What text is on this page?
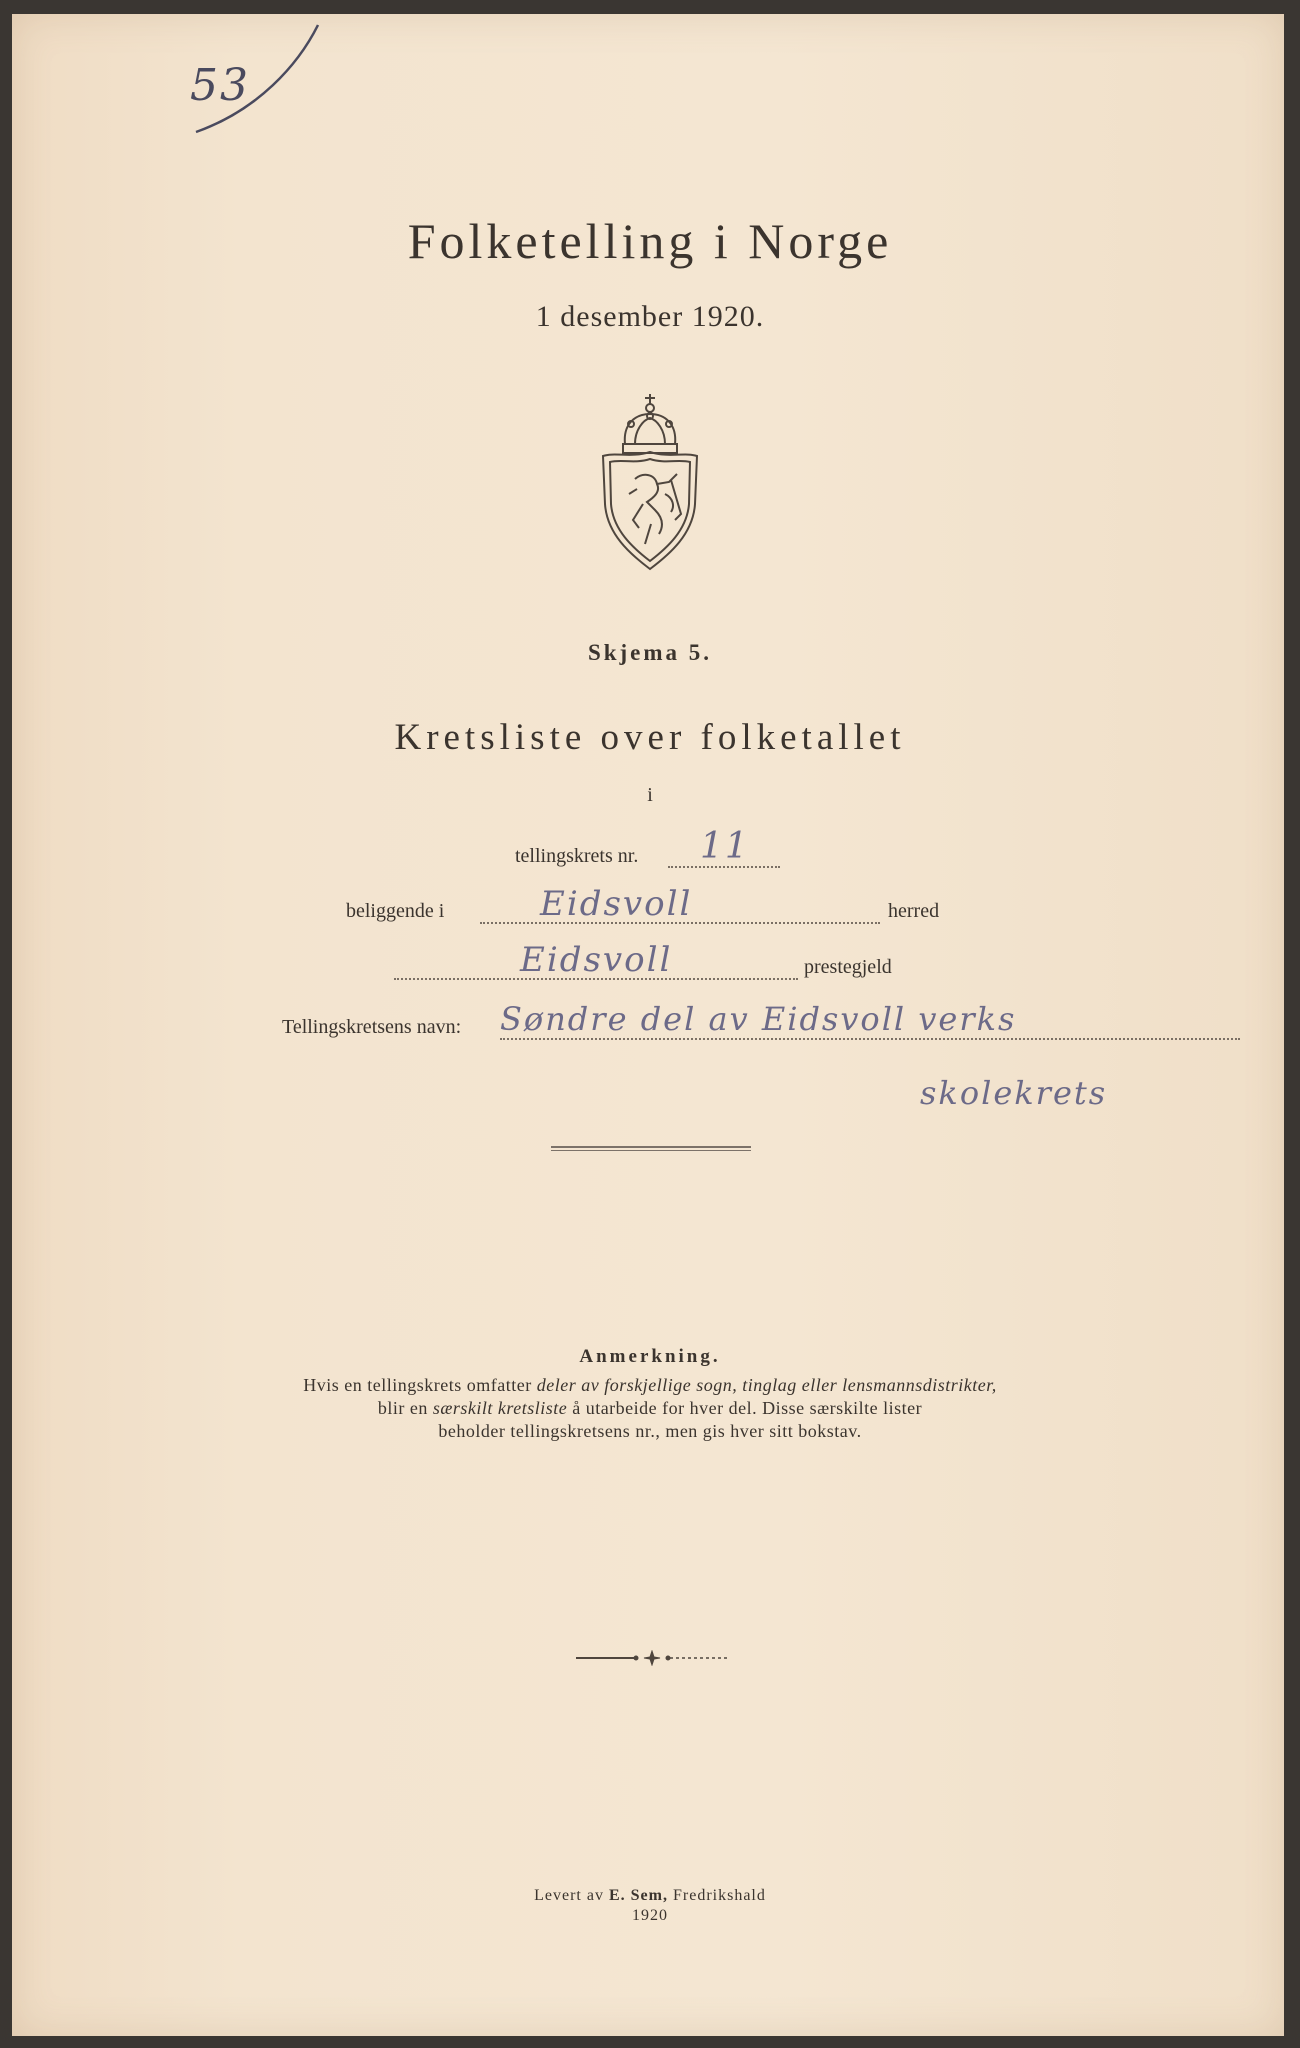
53
Folketelling i Norge
1 desember 1920.
Skjema 5.
Kretsliste over folketallet
i
tellingskrets nr. 11
beliggende i	Eidsvoll	herred
Eidsvoll	prestegjeld
Tellingskretsens navn: Søndre del av Eidsvoll verks
skolekrets
Anmerkning.
Hvis en tellingskrets omfatter deler av forskjellige sogn, tinglag eller lensmannsdistrikter,
blir en særskilt kretsliste å utarbeide for hver del. Disse særskilte lister
beholder tellingskretsens nr., men gis hver sitt bokstav.
Levert av E. Sem, Fredrikshald
1920
